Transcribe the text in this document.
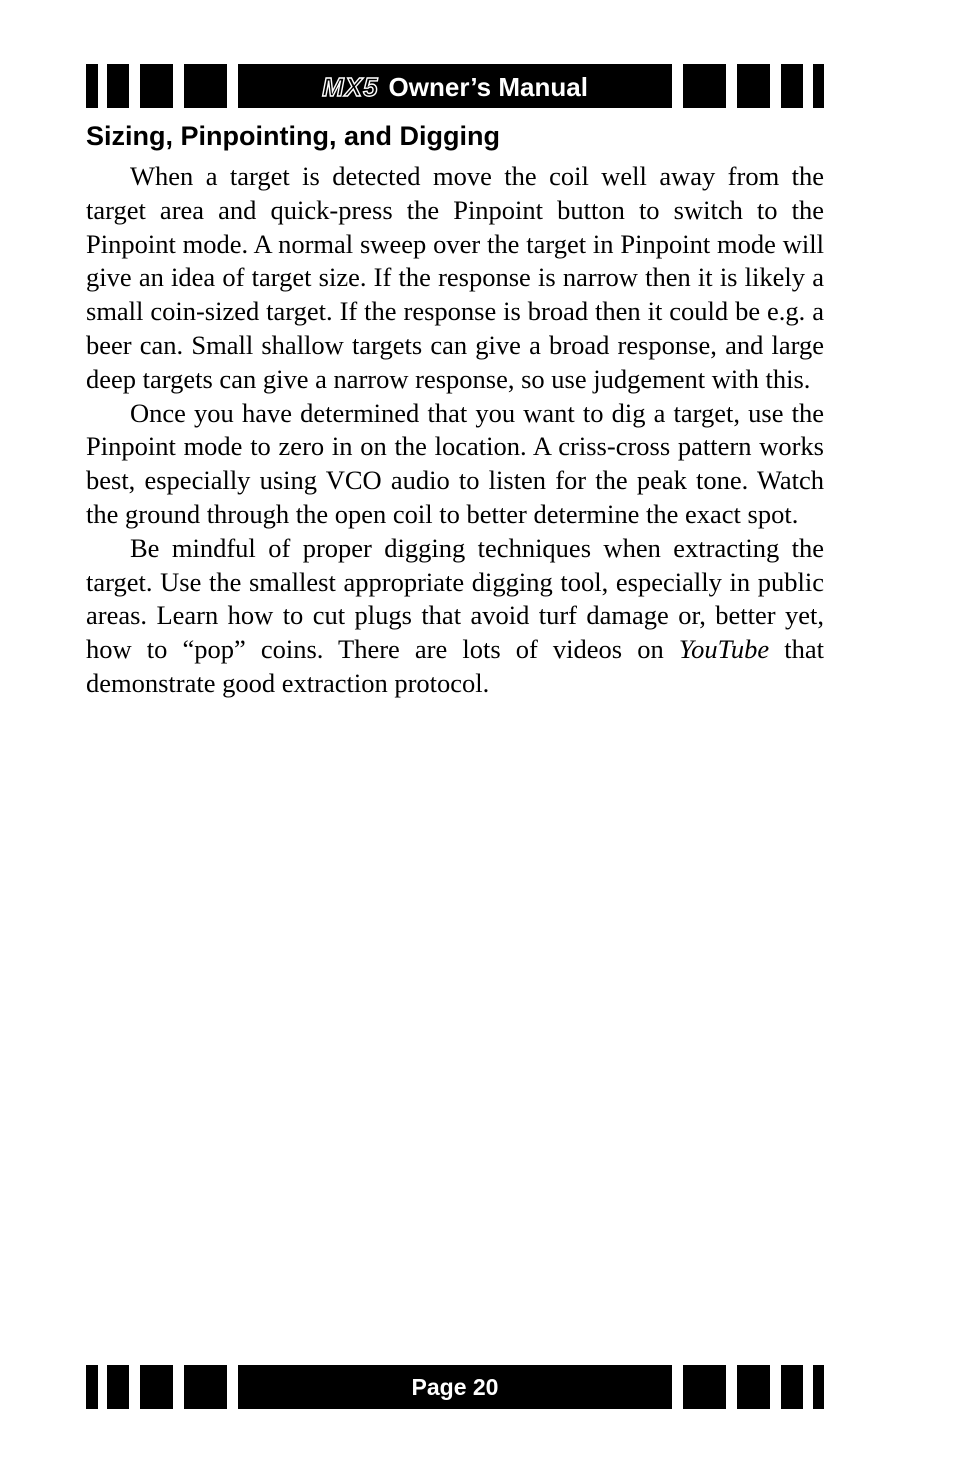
MX5 Owner’s Manual
Sizing, Pinpointing, and Digging

When a target is detected move the coil well away from the target area and quick-press the Pinpoint button to switch to the Pinpoint mode. A normal sweep over the target in Pinpoint mode will give an idea of target size. If the response is narrow then it is likely a small coin-sized target. If the response is broad then it could be e.g. a beer can. Small shallow targets can give a broad response, and large deep targets can give a narrow response, so use judgement with this.

Once you have determined that you want to dig a target, use the Pinpoint mode to zero in on the location. A criss-cross pattern works best, especially using VCO audio to listen for the peak tone. Watch the ground through the open coil to better determine the exact spot.

Be mindful of proper digging techniques when extracting the target. Use the smallest appropriate digging tool, especially in public areas. Learn how to cut plugs that avoid turf damage or, better yet, how to “pop” coins. There are lots of videos on YouTube that demonstrate good extraction protocol.

Page 20
